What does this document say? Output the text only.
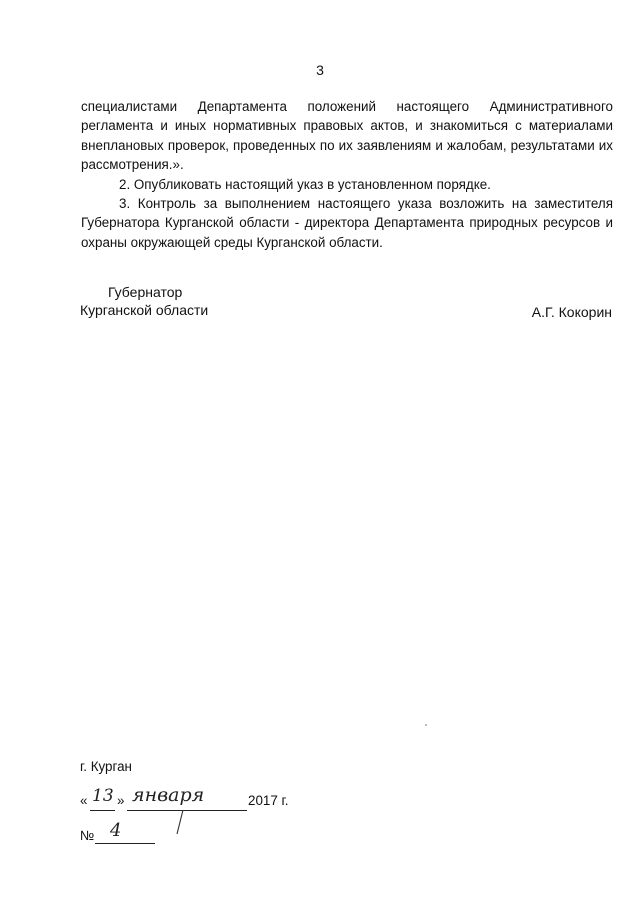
3

специалистами Департамента положений настоящего Административного регламента и иных нормативных правовых актов, и знакомиться с материалами внеплановых проверок, проведенных по их заявлениям и жалобам, результатами их рассмотрения.».

2. Опубликовать настоящий указ в установленном порядке.

3. Контроль за выполнением настоящего указа возложить на заместителя Губернатора Курганской области - директора Департамента природных ресурсов и охраны окружающей среды Курганской области.

Губернатор
Курганской области	А.Г. Кокорин
г. Курган
« 13 » января	2017 г.
№ 4
